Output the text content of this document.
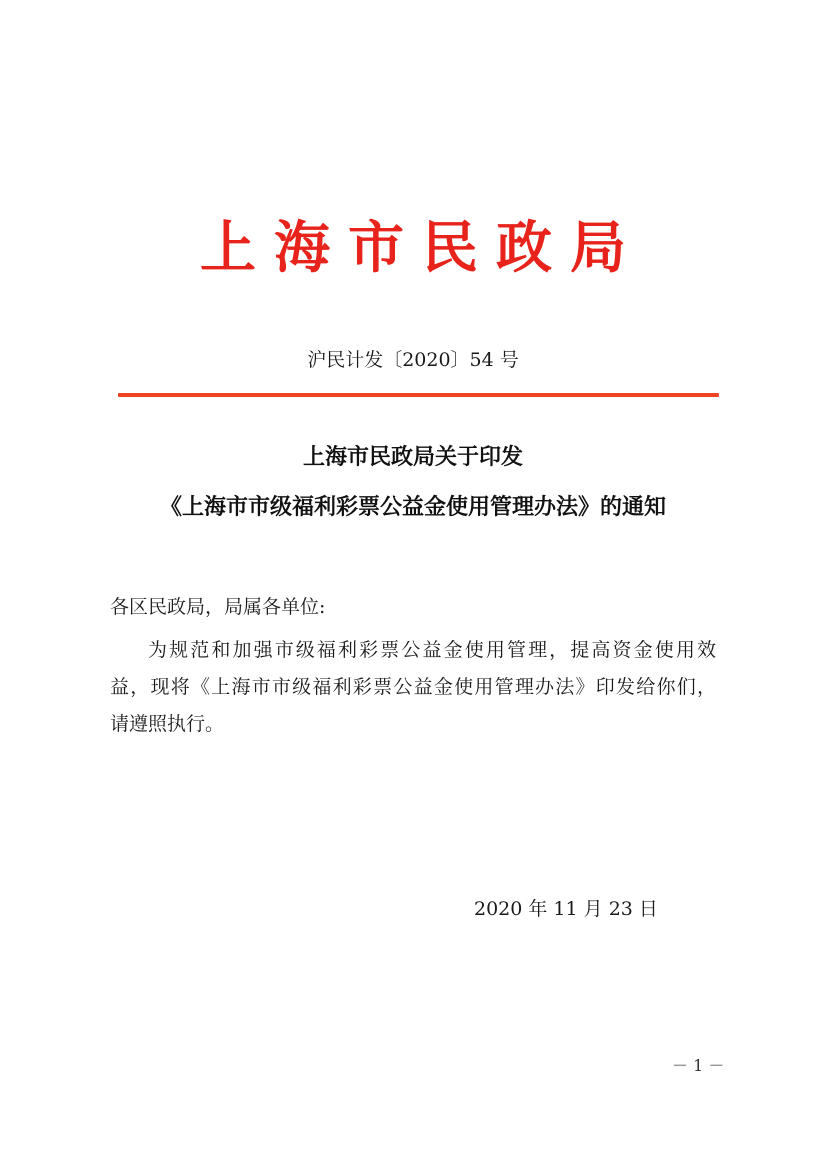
上 海 市 民 政 局
沪民计发〔2020〕54 号
上海市民政局关于印发
《上海市市级福利彩票公益金使用管理办法》的通知
各区民政局，局属各单位:
为规范和加强市级福利彩票公益金使用管理，提高资金使用效
益，现将《上海市市级福利彩票公益金使用管理办法》印发给你们，
请遵照执行。
2020 年 11 月 23 日
－ 1 －
